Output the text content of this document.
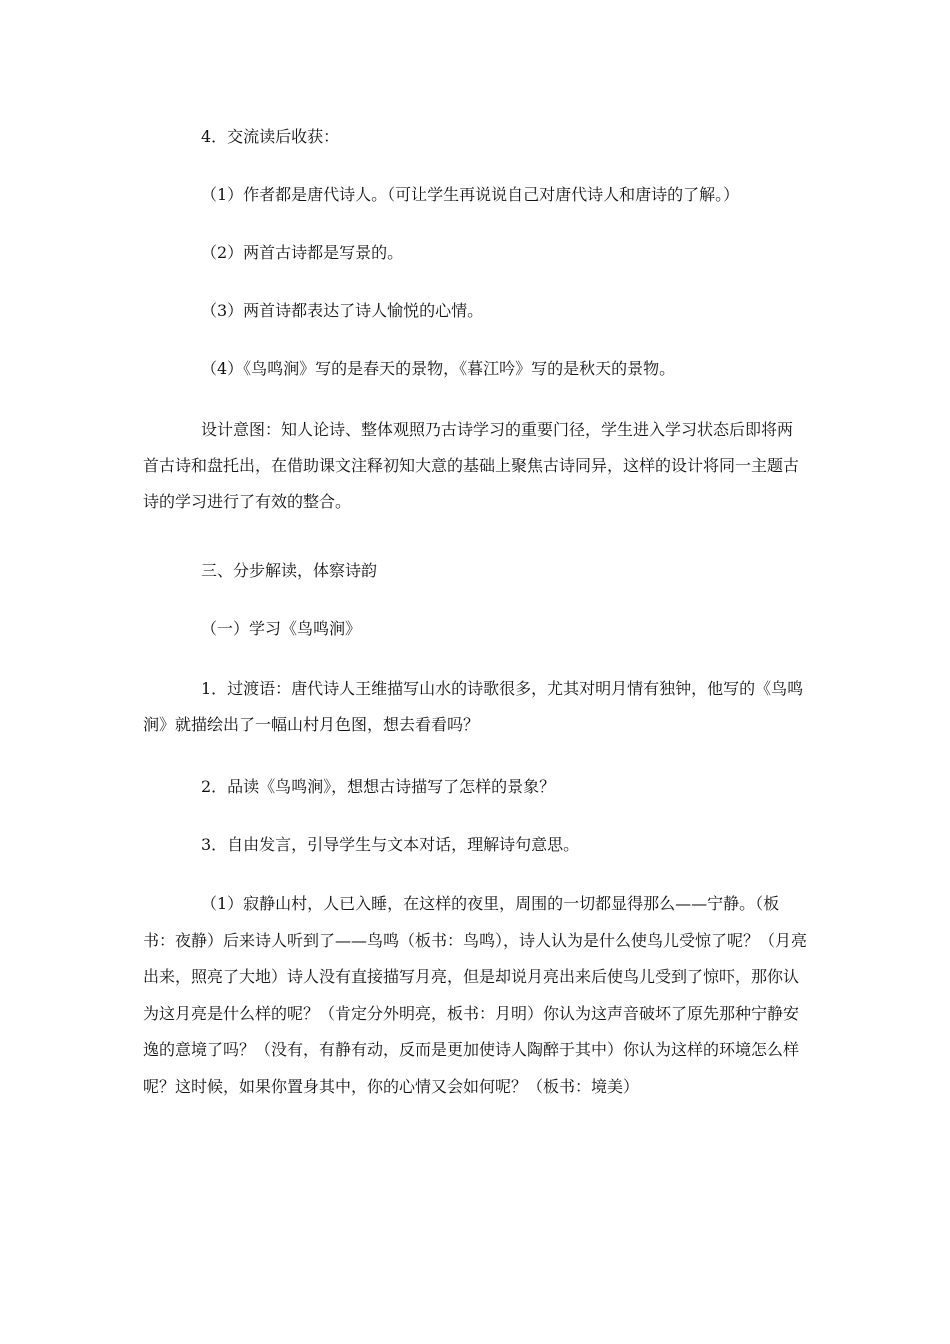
4．交流读后收获：

（1）作者都是唐代诗人。（可让学生再说说自己对唐代诗人和唐诗的了解。）

（2）两首古诗都是写景的。

（3）两首诗都表达了诗人愉悦的心情。

（4）《鸟鸣涧》写的是春天的景物，《暮江吟》写的是秋天的景物。

设计意图：知人论诗、整体观照乃古诗学习的重要门径，学生进入学习状态后即将两首古诗和盘托出，在借助课文注释初知大意的基础上聚焦古诗同异，这样的设计将同一主题古诗的学习进行了有效的整合。

三、分步解读，体察诗韵

（一）学习《鸟鸣涧》

1．过渡语：唐代诗人王维描写山水的诗歌很多，尤其对明月情有独钟，他写的《鸟鸣涧》就描绘出了一幅山村月色图，想去看看吗？

2．品读《鸟鸣涧》，想想古诗描写了怎样的景象？

3．自由发言，引导学生与文本对话，理解诗句意思。

（1）寂静山村，人已入睡，在这样的夜里，周围的一切都显得那么——宁静。（板书：夜静）后来诗人听到了——鸟鸣（板书：鸟鸣），诗人认为是什么使鸟儿受惊了呢？（月亮出来，照亮了大地）诗人没有直接描写月亮，但是却说月亮出来后使鸟儿受到了惊吓，那你认为这月亮是什么样的呢？（肯定分外明亮，板书：月明）你认为这声音破坏了原先那种宁静安逸的意境了吗？（没有，有静有动，反而是更加使诗人陶醉于其中）你认为这样的环境怎么样呢？这时候，如果你置身其中，你的心情又会如何呢？（板书：境美）
